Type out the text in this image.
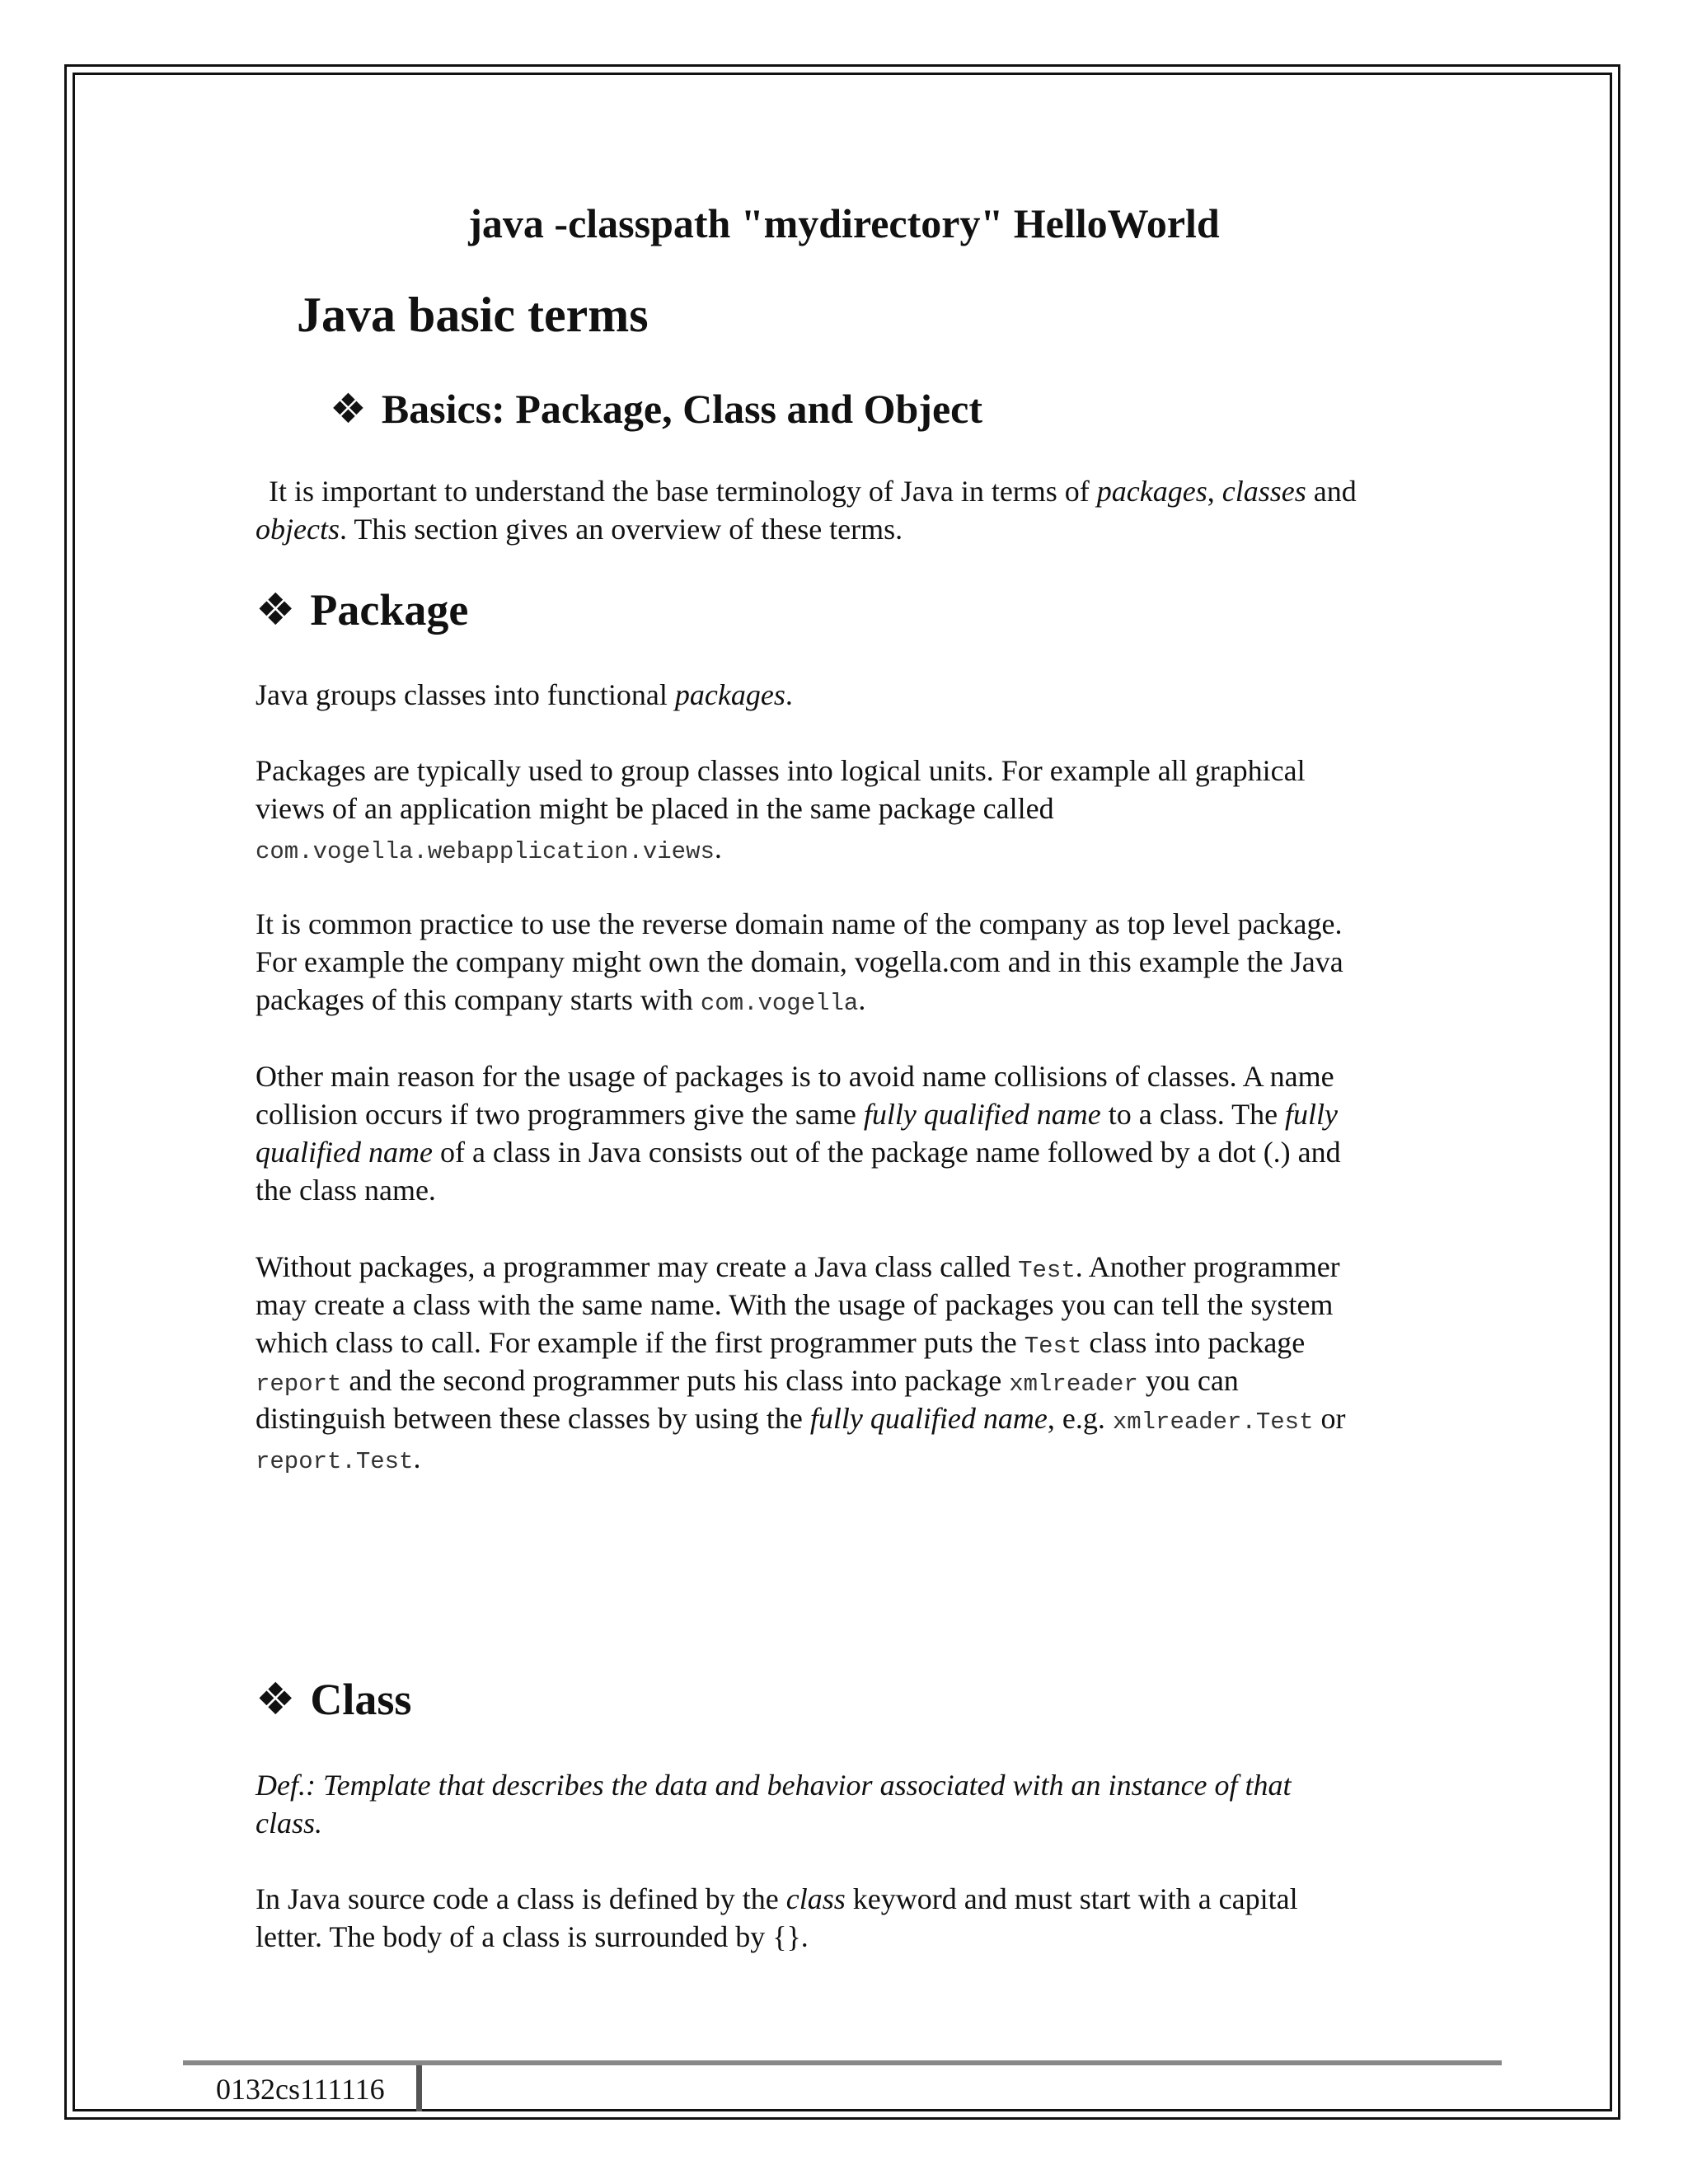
java -classpath "mydirectory" HelloWorld
Java basic terms
❖ Basics: Package, Class and Object
It is important to understand the base terminology of Java in terms of packages, classes and
objects. This section gives an overview of these terms.
❖ Package
Java groups classes into functional packages.
Packages are typically used to group classes into logical units. For example all graphical
views of an application might be placed in the same package called
com.vogella.webapplication.views.
It is common practice to use the reverse domain name of the company as top level package.
For example the company might own the domain, vogella.com and in this example the Java
packages of this company starts with com.vogella.
Other main reason for the usage of packages is to avoid name collisions of classes. A name
collision occurs if two programmers give the same fully qualified name to a class. The fully
qualified name of a class in Java consists out of the package name followed by a dot (.) and
the class name.
Without packages, a programmer may create a Java class called Test. Another programmer
may create a class with the same name. With the usage of packages you can tell the system
which class to call. For example if the first programmer puts the Test class into package
report and the second programmer puts his class into package xmlreader you can
distinguish between these classes by using the fully qualified name, e.g. xmlreader.Test or
report.Test.
❖ Class
Def.: Template that describes the data and behavior associated with an instance of that
class.
In Java source code a class is defined by the class keyword and must start with a capital
letter. The body of a class is surrounded by {}.
0132cs111116
